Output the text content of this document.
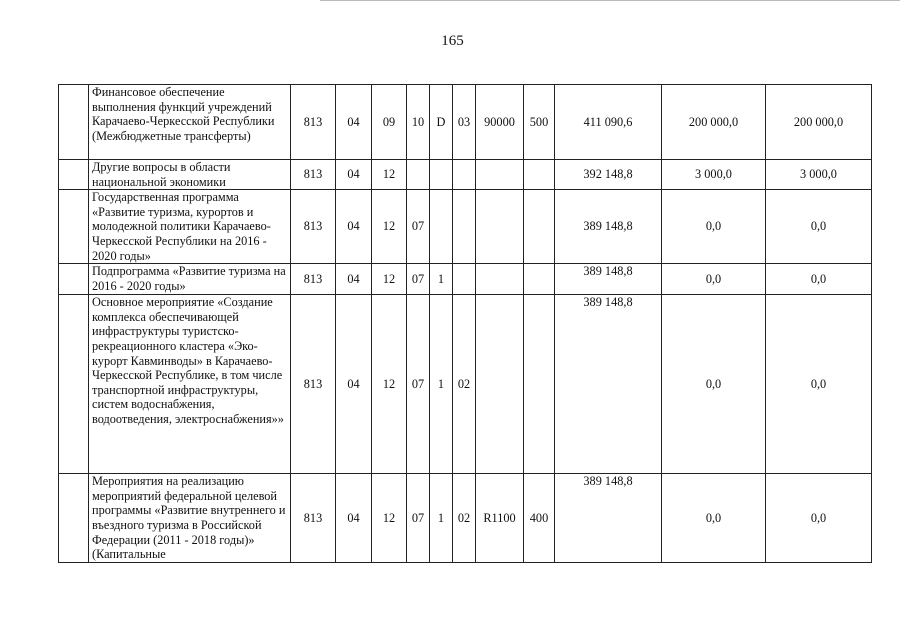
165
	Финансовое обеспечение выполнения функций учреждений Карачаево-Черкесской Республики (Межбюджетные трансферты)	813	04	09	10	D	03	90000	500	411 090,6	200 000,0	200 000,0
	Другие вопросы в области национальной экономики	813	04	12						392 148,8	3 000,0	3 000,0
	Государственная программа «Развитие туризма, курортов и молодежной политики Карачаево-Черкесской Республики на 2016 - 2020 годы»	813	04	12	07					389 148,8	0,0	0,0
	Подпрограмма «Развитие туризма на 2016 - 2020 годы»	813	04	12	07	1				389 148,8	0,0	0,0
	Основное мероприятие «Создание комплекса обеспечивающей инфраструктуры туристско-рекреационного кластера «Эко-курорт Кавминводы» в Карачаево-Черкесской Республике, в том числе транспортной инфраструктуры, систем водоснабжения, водоотведения, электроснабжения»»	813	04	12	07	1	02			389 148,8	0,0	0,0
	Мероприятия на реализацию мероприятий федеральной целевой программы «Развитие внутреннего и въездного туризма в Российской Федерации (2011 - 2018 годы)» (Капитальные	813	04	12	07	1	02	R1100	400	389 148,8	0,0	0,0
